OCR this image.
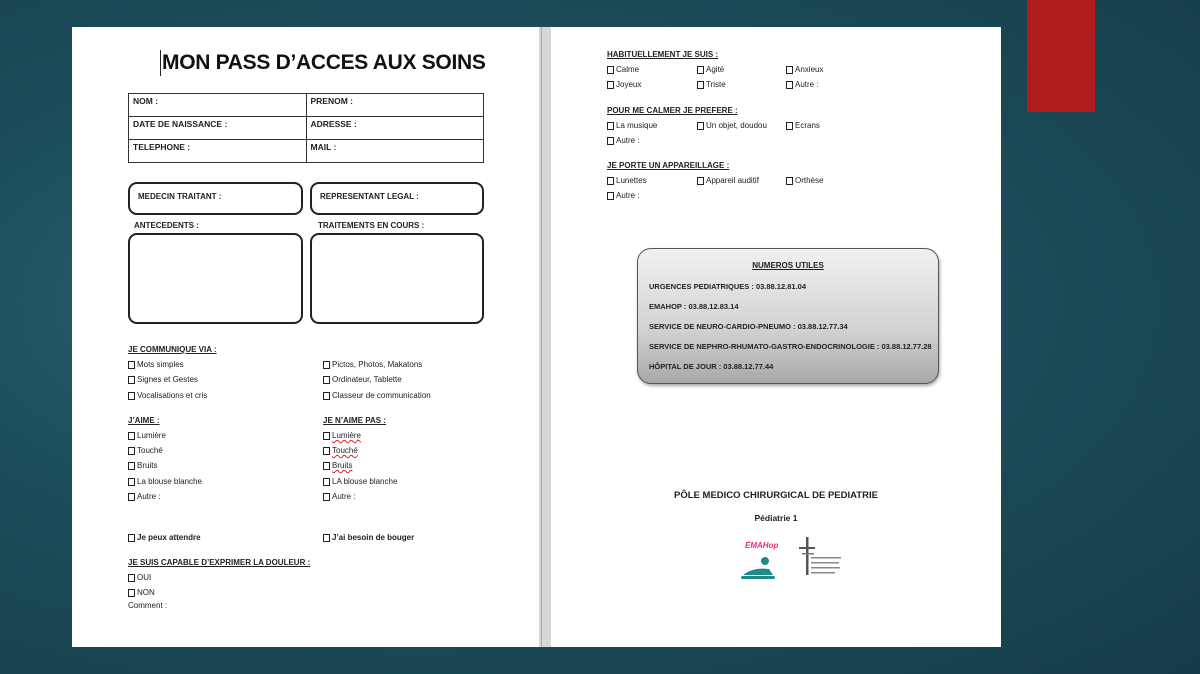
MON PASS D’ACCES AUX SOINS
NOM :	PRENOM :
DATE DE NAISSANCE :	ADRESSE :
TELEPHONE :	MAIL :
MEDECIN TRAITANT :	REPRESENTANT LEGAL :
ANTECEDENTS :	TRAITEMENTS EN COURS :
JE COMMUNIQUE VIA :
Mots simples
Signes et Gestes
Vocalisations et cris
Pictos, Photos, Makatons
Ordinateur, Tablette
Classeur de communication
J’AIME :
Lumière
Touché
Bruits
La blouse blanche
Autre :
JE N’AIME PAS :
Lumière
Touché
Bruits
LA blouse blanche
Autre :
Je peux attendre	J’ai besoin de bouger
JE SUIS CAPABLE D’EXPRIMER LA DOULEUR :
OUI
NON
Comment :
HABITUELLEMENT JE SUIS :
Calme	Agité	Anxieux
Joyeux	Triste	Autre :
POUR ME CALMER JE PREFERE :
La musique	Un objet, doudou	Ecrans
Autre :
JE PORTE UN APPAREILLAGE :
Lunettes	Appareil auditif	Orthèse
Autre :
NUMEROS UTILES
URGENCES PEDIATRIQUES : 03.88.12.81.04
EMAHOP : 03.88.12.83.14
SERVICE DE NEURO-CARDIO-PNEUMO : 03.88.12.77.34
SERVICE DE NEPHRO-RHUMATO-GASTRO-ENDOCRINOLOGIE : 03.88.12.77.28
HÔPITAL DE JOUR : 03.88.12.77.44
PÔLE MEDICO CHIRURGICAL DE PEDIATRIE
Pédiatrie 1
ÉMAHop
